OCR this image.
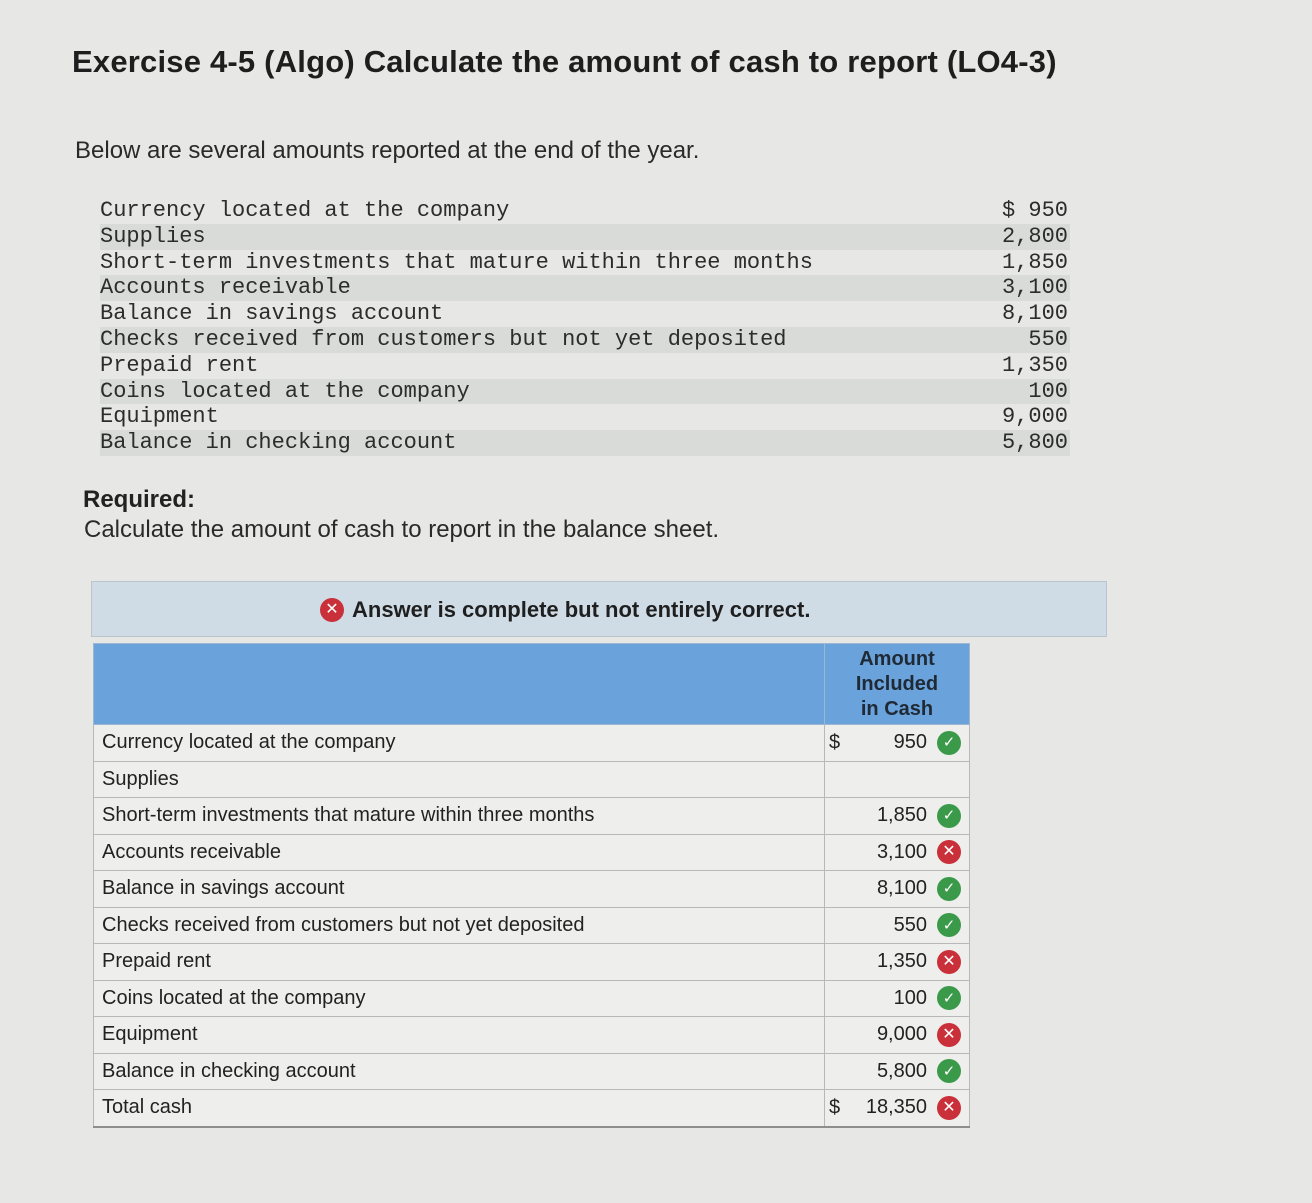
Exercise 4-5 (Algo) Calculate the amount of cash to report (LO4-3)
Below are several amounts reported at the end of the year.
Currency located at the company	$ 950
Supplies	2,800
Short-term investments that mature within three months	1,850
Accounts receivable	3,100
Balance in savings account	8,100
Checks received from customers but not yet deposited	550
Prepaid rent	1,350
Coins located at the company	100
Equipment	9,000
Balance in checking account	5,800
Required:
Calculate the amount of cash to report in the balance sheet.
✕ Answer is complete but not entirely correct.

	Amount
Included
in Cash

Currency located at the company	$ 950 ✓

Supplies	
Short-term investments that mature within three months	1,850 ✓

Accounts receivable	3,100 ✕

Balance in savings account	8,100 ✓

Checks received from customers but not yet deposited	550 ✓

Prepaid rent	1,350 ✕

Coins located at the company	100 ✓

Equipment	9,000 ✕

Balance in checking account	5,800 ✓

Total cash	$ 18,350 ✕
